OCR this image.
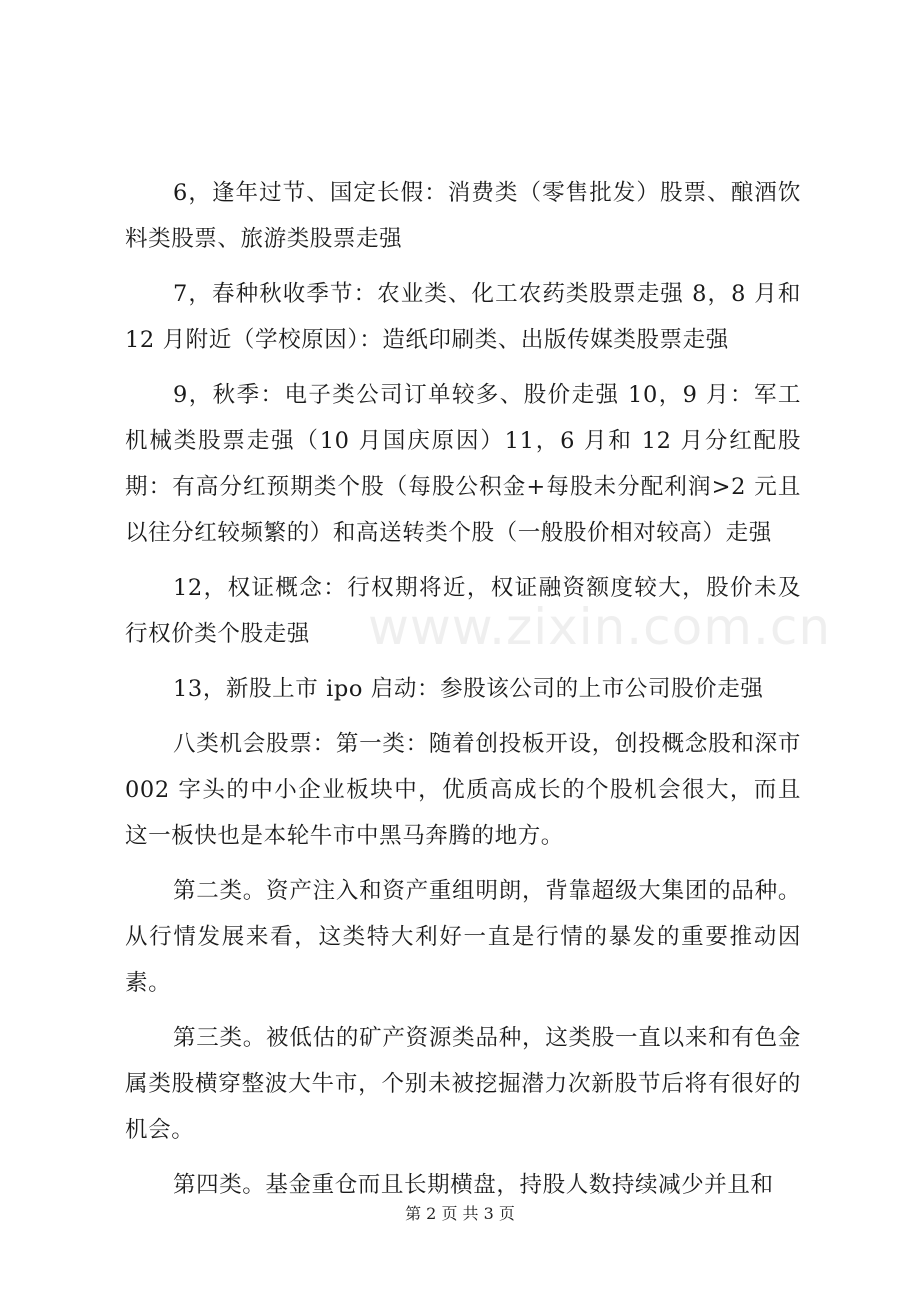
www.zixin.com.cn

6，逢年过节、国定长假：消费类（零售批发）股票、酿酒饮料类股票、旅游类股票走强

7，春种秋收季节：农业类、化工农药类股票走强 8，8 月和 12 月附近（学校原因）：造纸印刷类、出版传媒类股票走强

9，秋季：电子类公司订单较多、股价走强 10，9 月：军工机械类股票走强（10 月国庆原因）11，6 月和 12 月分红配股期：有高分红预期类个股（每股公积金+每股未分配利润>2 元且以往分红较频繁的）和高送转类个股（一般股价相对较高）走强

12，权证概念：行权期将近，权证融资额度较大，股价未及行权价类个股走强

13，新股上市 ipo 启动：参股该公司的上市公司股价走强

八类机会股票：第一类：随着创投板开设，创投概念股和深市 002 字头的中小企业板块中，优质高成长的个股机会很大，而且这一板快也是本轮牛市中黑马奔腾的地方。

第二类。资产注入和资产重组明朗，背靠超级大集团的品种。从行情发展来看，这类特大利好一直是行情的暴发的重要推动因素。

第三类。被低估的矿产资源类品种，这类股一直以来和有色金属类股横穿整波大牛市，个别未被挖掘潜力次新股节后将有很好的机会。

第四类。基金重仓而且长期横盘，持股人数持续减少并且和

第 2 页 共 3 页
